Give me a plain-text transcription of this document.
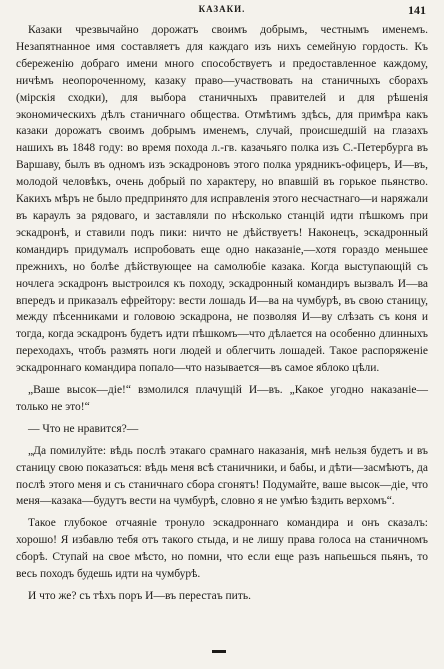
КАЗАКИ.	141

Казаки чрезвычайно дорожатъ своимъ добрымъ, честнымъ именемъ. Незапятнанное имя составляетъ для каждаго изъ нихъ семейную гордость. Къ сбереженію добраго имени много способствуетъ и предоставленное каждому, ничѣмъ неопороченному, казаку право—участвовать на станичныхъ сборахъ (мірскія сходки), для выбора станичныхъ правителей и для рѣшенія экономическихъ дѣлъ станичнаго общества. Отмѣтимъ здѣсь, для примѣра какъ казаки дорожатъ своимъ добрымъ именемъ, случай, происшедшій на глазахъ нашихъ въ 1848 году: во время похода л.-гв. казачьяго полка изъ С.-Петербурга въ Варшаву, былъ въ одномъ изъ эскадроновъ этого полка урядникъ-офицеръ, И—въ, молодой человѣкъ, очень добрый по характеру, но впавшій въ горькое пьянство. Какихъ мѣръ не было предпринято для исправленія этого несчастнаго—и наряжали въ караулъ за рядоваго, и заставляли по нѣсколько станцій идти пѣшкомъ при эскадронѣ, и ставили подъ пики: ничто не дѣйствуетъ! Наконецъ, эскадронный командиръ придумалъ испробовать еще одно наказаніе,—хотя гораздо меньшее прежнихъ, но болѣе дѣйствующее на самолюбіе казака. Когда выступающій съ ночлега эскадронъ выстроился къ походу, эскадронный командиръ вызвалъ И—ва впередъ и приказалъ ефрейтору: вести лошадь И—ва на чумбурѣ, въ свою станицу, между пѣсенниками и головою эскадрона, не позволяя И—ву слѣзать съ коня и тогда, когда эскадронъ будетъ идти пѣшкомъ—что дѣлается на особенно длинныхъ переходахъ, чтобъ размять ноги людей и облегчить лошадей. Такое распоряженіе эскадроннаго командира попало—что называется—въ самое яблоко цѣли.

„Ваше высок—діе!“ взмолился плачущій И—въ. „Какое угодно наказаніе—только не это!“

— Что не нравится?—

„Да помилуйте: вѣдь послѣ этакаго срамнаго наказанія, мнѣ нельзя будетъ и въ станицу свою показаться: вѣдь меня всѣ станичники, и бабы, и дѣти—засмѣютъ, да послѣ этого меня и съ станичнаго сбора сгонятъ! Подумайте, ваше высок—діе, что меня—казака—будутъ вести на чумбурѣ, словно я не умѣю ѣздить верхомъ“.

Такое глубокое отчаяніе тронуло эскадроннаго командира и онъ сказалъ: хорошо! Я избавлю тебя отъ такого стыда, и не лишу права голоса на станичномъ сборѣ. Ступай на свое мѣсто, но помни, что если еще разъ напьешься пьянъ, то весь походъ будешь идти на чумбурѣ.

И что же? съ тѣхъ поръ И—въ перестаъ пить.
